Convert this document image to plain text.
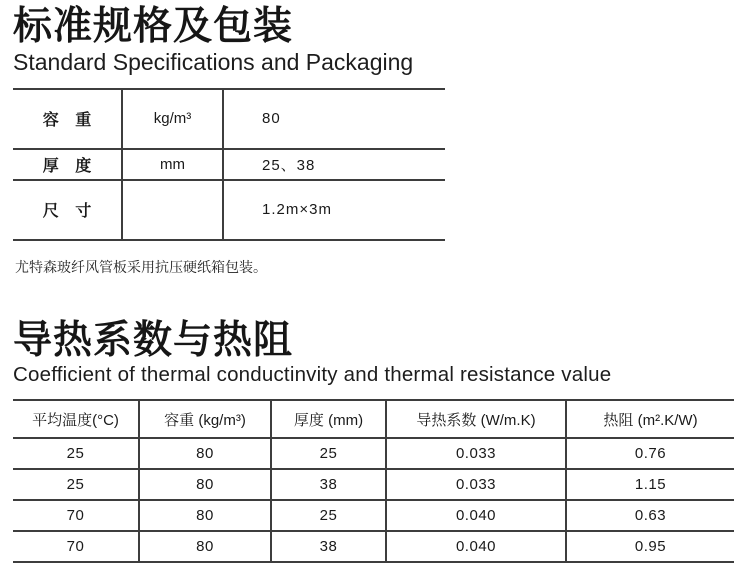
标准规格及包装
Standard Specifications and Packaging
容 重	kg/m³	80
厚 度	mm	25、38
尺 寸		1.2m×3m

尤特森玻纤风管板采用抗压硬纸箱包装。

导热系数与热阻
Coefficient of thermal conductinvity and thermal resistance value
平均温度(°C)	容重 (kg/m³)	厚度 (mm)	导热系数 (W/m.K)	热阻 (m².K/W)
25	80	25	0.033	0.76
25	80	38	0.033	1.15
70	80	25	0.040	0.63
70	80	38	0.040	0.95
